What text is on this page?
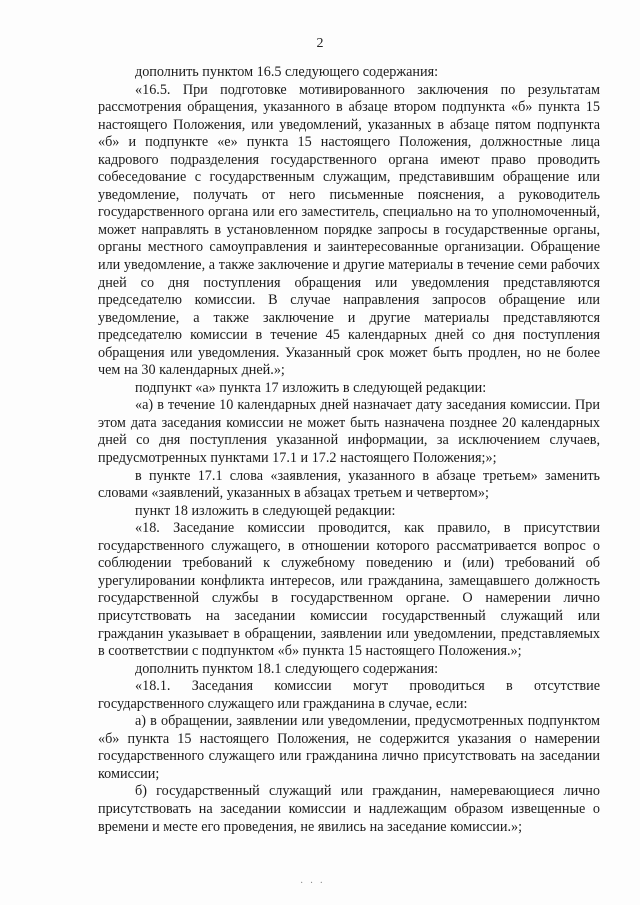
2

дополнить пунктом 16.5 следующего содержания:

«16.5. При подготовке мотивированного заключения по результатам рассмотрения обращения, указанного в абзаце втором подпункта «б» пункта 15 настоящего Положения, или уведомлений, указанных в абзаце пятом подпункта «б» и подпункте «е» пункта 15 настоящего Положения, должностные лица кадрового подразделения государственного органа имеют право проводить собеседование с государственным служащим, представившим обращение или уведомление, получать от него письменные пояснения, а руководитель государственного органа или его заместитель, специально на то уполномоченный, может направлять в установленном порядке запросы в государственные органы, органы местного самоуправления и заинтересованные организации. Обращение или уведомление, а также заключение и другие материалы в течение семи рабочих дней со дня поступления обращения или уведомления представляются председателю комиссии. В случае направления запросов обращение или уведомление, а также заключение и другие материалы представляются председателю комиссии в течение 45 календарных дней со дня поступления обращения или уведомления. Указанный срок может быть продлен, но не более чем на 30 календарных дней.»;

подпункт «а» пункта 17 изложить в следующей редакции:

«а) в течение 10 календарных дней назначает дату заседания комиссии. При этом дата заседания комиссии не может быть назначена позднее 20 календарных дней со дня поступления указанной информации, за исключением случаев, предусмотренных пунктами 17.1 и 17.2 настоящего Положения;»;

в пункте 17.1 слова «заявления, указанного в абзаце третьем» заменить словами «заявлений, указанных в абзацах третьем и четвертом»;

пункт 18 изложить в следующей редакции:

«18. Заседание комиссии проводится, как правило, в присутствии государственного служащего, в отношении которого рассматривается вопрос о соблюдении требований к служебному поведению и (или) требований об урегулировании конфликта интересов, или гражданина, замещавшего должность государственной службы в государственном органе. О намерении лично присутствовать на заседании комиссии государственный служащий или гражданин указывает в обращении, заявлении или уведомлении, представляемых в соответствии с подпунктом «б» пункта 15 настоящего Положения.»;

дополнить пунктом 18.1 следующего содержания:

«18.1. Заседания комиссии могут проводиться в отсутствие государственного служащего или гражданина в случае, если:

а) в обращении, заявлении или уведомлении, предусмотренных подпунктом «б» пункта 15 настоящего Положения, не содержится указания о намерении государственного служащего или гражданина лично присутствовать на заседании комиссии;

б) государственный служащий или гражданин, намеревающиеся лично присутствовать на заседании комиссии и надлежащим образом извещенные о времени и месте его проведения, не явились на заседание комиссии.»;

· · ·
